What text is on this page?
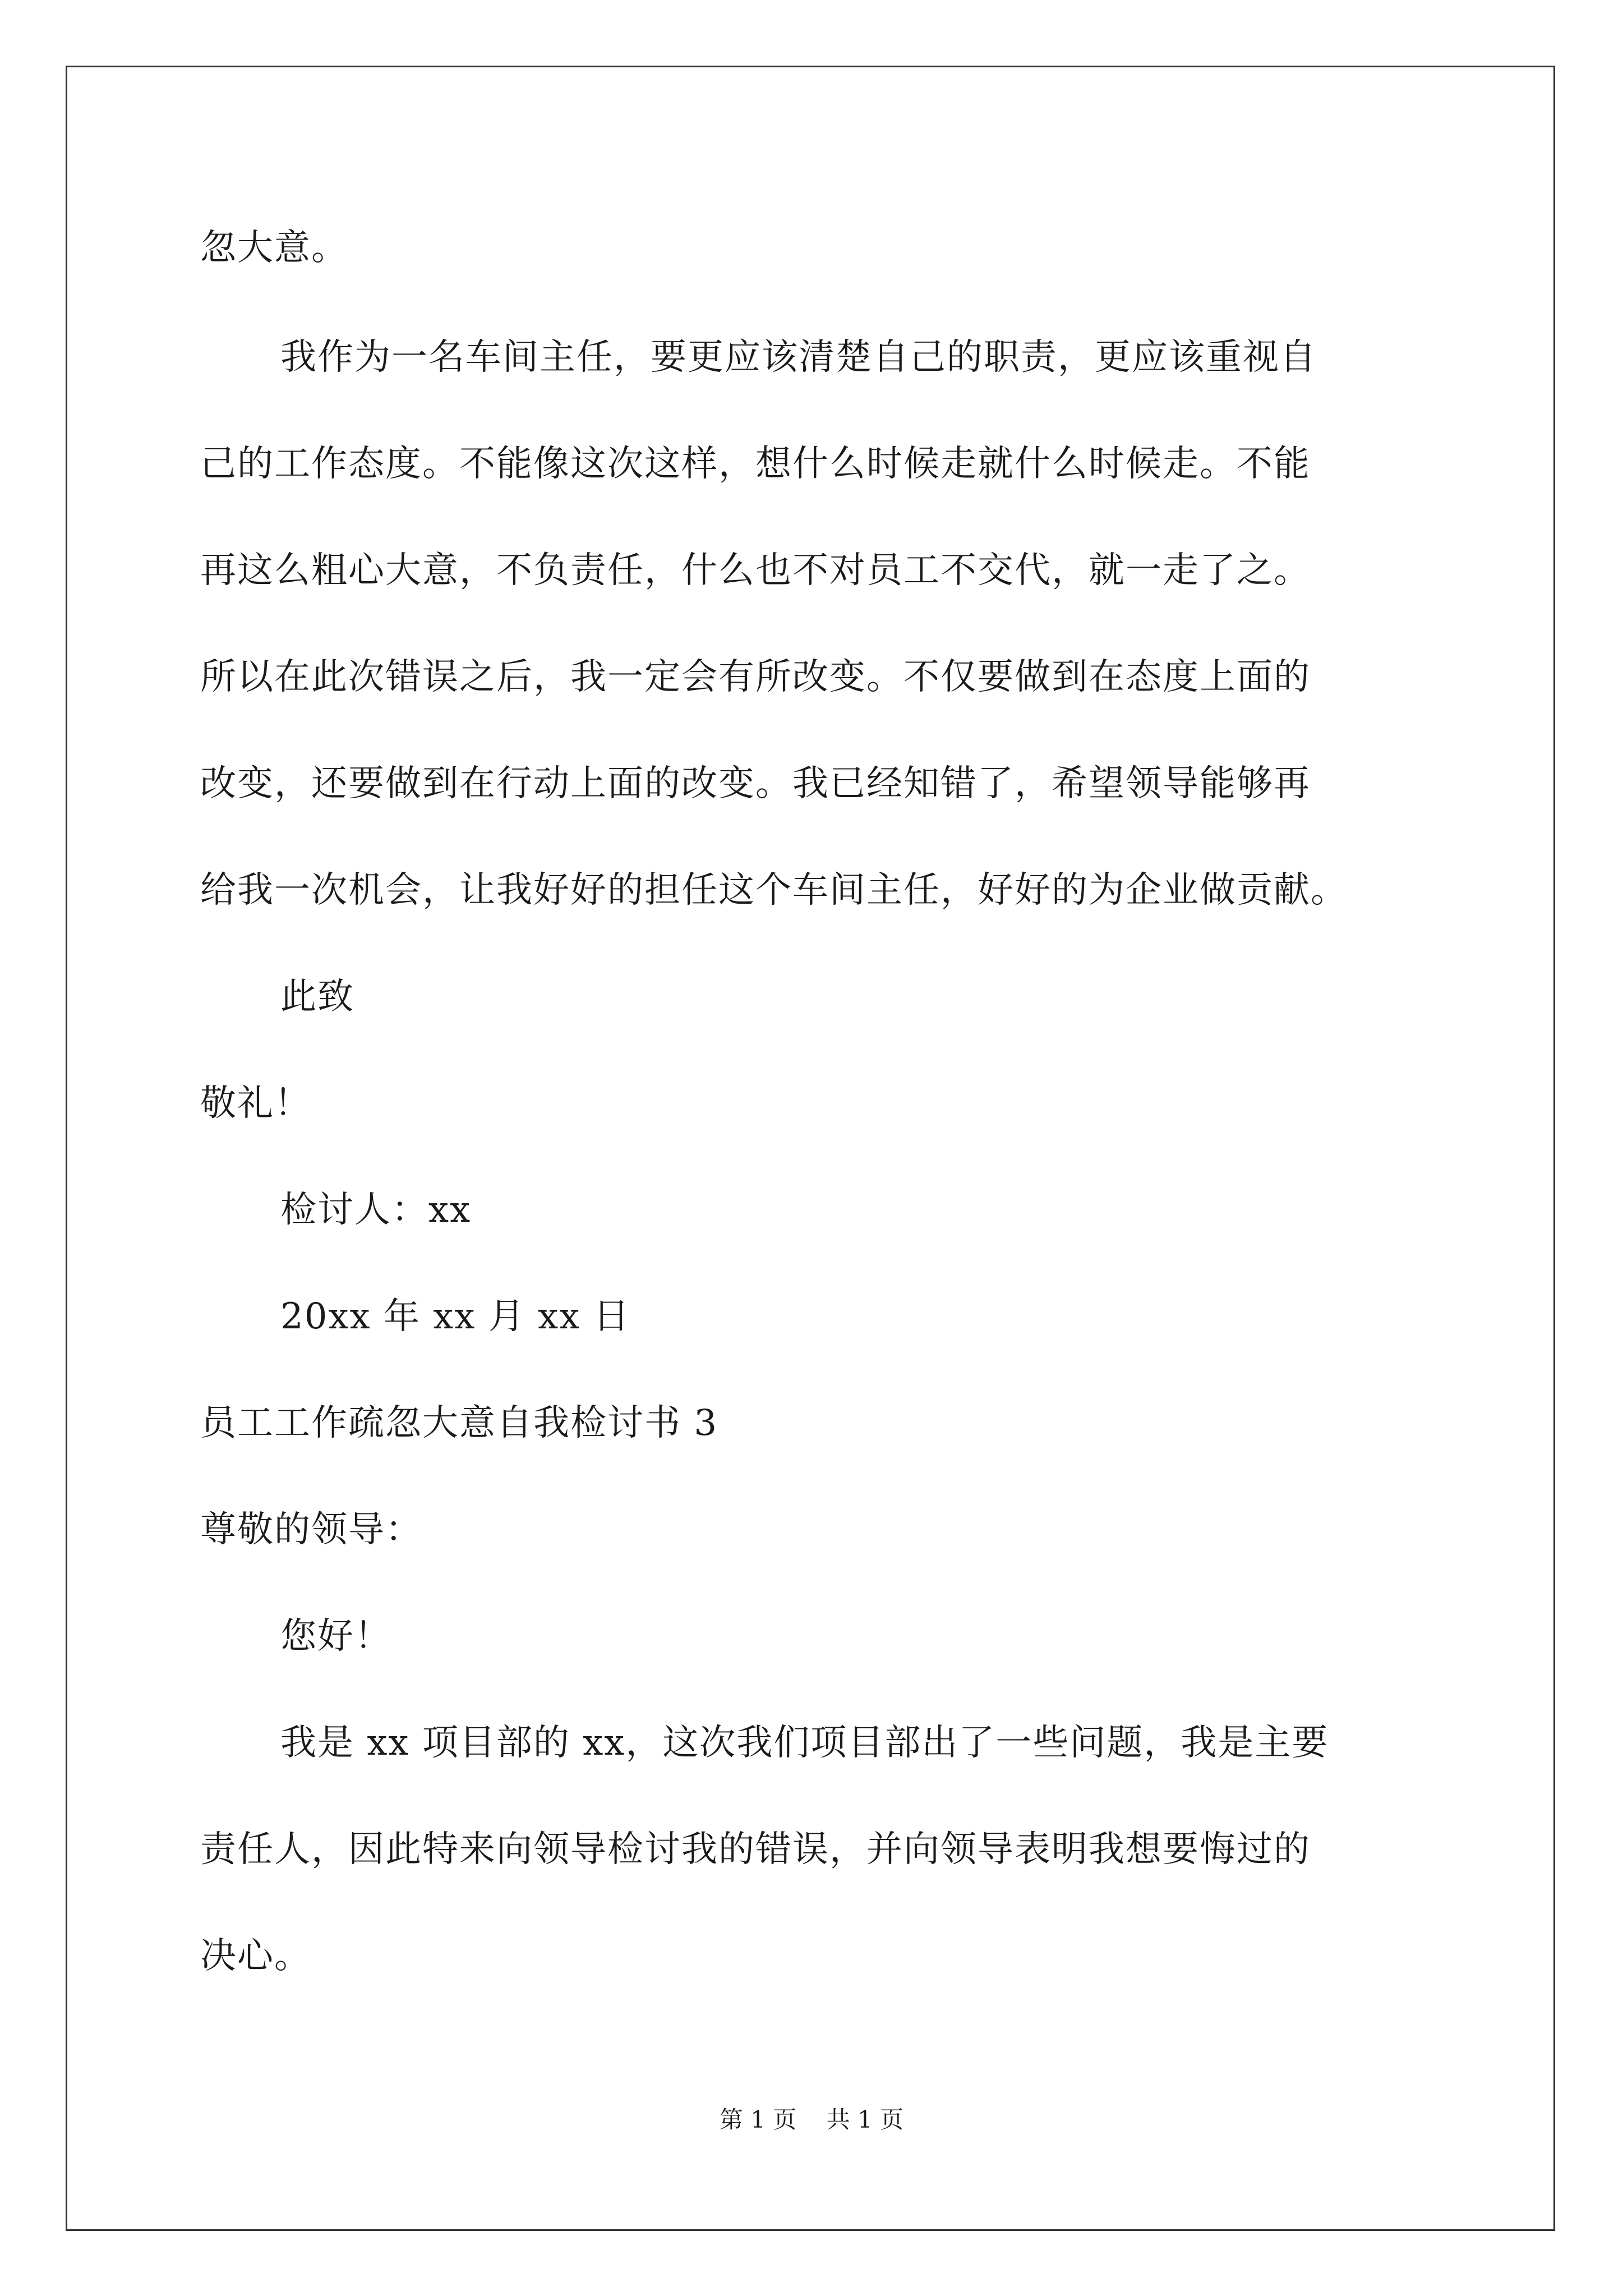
忽大意。
我作为一名车间主任，要更应该清楚自己的职责，更应该重视自
己的工作态度。不能像这次这样，想什么时候走就什么时候走。不能
再这么粗心大意，不负责任，什么也不对员工不交代，就一走了之。
所以在此次错误之后，我一定会有所改变。不仅要做到在态度上面的
改变，还要做到在行动上面的改变。我已经知错了，希望领导能够再
给我一次机会，让我好好的担任这个车间主任，好好的为企业做贡献。
此致
敬礼！
检讨人：xx
20xx 年 xx 月 xx 日
员工工作疏忽大意自我检讨书 3
尊敬的领导：
您好！
我是 xx 项目部的 xx，这次我们项目部出了一些问题，我是主要
责任人，因此特来向领导检讨我的错误，并向领导表明我想要悔过的
决心。
第 1 页    共 1 页
